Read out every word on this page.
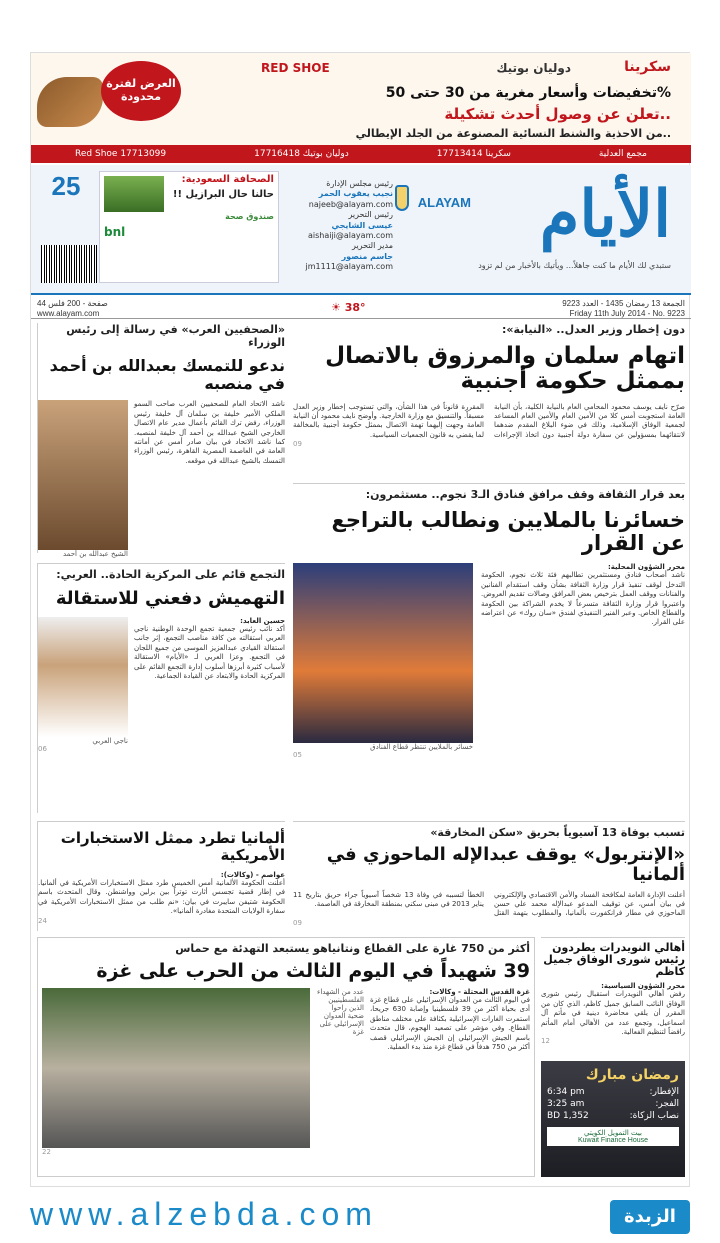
العرض لفترة محدودة
سكرينا
دوليان بوتيك
RED SHOE
تخفيضات وأسعار مغرية من 30 حتى 50%
تعلن عن وصول أحدث تشكيلة..
من الاحذية والشنط النسائية المصنوعة من الجلد الإيطالي..
مجمع العدلية
سكرينا 17713414
دوليان بوتيك 17716418
Red Shoe 17713099
الأيام
ALAYAM
ستبدي لك الأيام ما كنت جاهلاً... ويأتيك بالأخبار من لم تزود
رئيس مجلس الإدارة
نجيب يعقوب الحمر
najeeb@alayam.com
رئيس التحرير
عيسى الشايجي
aishaiji@alayam.com
مدير التحرير
جاسم منصور
jm1111@alayam.com
الصحافة السعودية:
حالنا حال البرازيل !!
صندوق صحة
bnl
25
الجمعة 13 رمضان 1435 - العدد 9223
Friday 11th July 2014 - No. 9223
☀ 38°
44 صفحة - 200 فلس
www.alayam.com
دون إخطار وزير العدل.. «النيابة»:
اتهام سلمان والمرزوق بالاتصال بممثل حكومة أجنبية
صرّح نايف يوسف محمود المحامي العام بالنيابة الكلية، بأن النيابة العامة استجوبت أمس كلا من الأمين العام والأمين العام المساعد لجمعية الوفاق الإسلامية، وذلك في ضوء البلاغ المقدم ضدهما لانتقائهما بمسؤولين عن سفارة دولة أجنبية دون اتخاذ الإجراءات المقررة قانوناً في هذا الشأن، والتي تستوجب إخطار وزير العدل مسبقاً. والتنسيق مع وزارة الخارجية. وأوضح نايف محمود أن النيابة العامة وجهت إليهما تهمة الاتصال بممثل حكومة أجنبية بالمخالفة لما يقضي به قانون الجمعيات السياسية.
09
«الصحفيين العرب» في رسالة إلى رئيس الوزراء
ندعو للتمسك بعبدالله بن أحمد في منصبه
ناشد الاتحاد العام للصحفيين العرب صاحب السمو الملكي الأمير خليفة بن سلمان آل خليفة رئيس الوزراء، رفض ترك القائم بأعمال مدير عام الاتصال الخارجي الشيخ عبدالله بن أحمد آل خليفة لمنصبه. كما ناشد الاتحاد في بيان صادر أمس عن أمانته العامة في العاصمة المصرية القاهرة، رئيس الوزراء التمسك بالشيخ عبدالله في موقعه.
الشيخ عبدالله بن أحمد
بعد قرار الثقافة وقف مرافق فنادق الـ3 نجوم.. مستثمرون:
خسائرنا بالملايين ونطالب بالتراجع عن القرار
محرر الشؤون المحلية:
ناشد أصحاب فنادق ومستثمرين تطالبهم فئة ثلاث نجوم، الحكومة التدخل لوقف تنفيذ قرار وزارة الثقافة بشأن وقف استقدام الفنانين والفنانات ووقف العمل بترخيص بعض المرافق وصالات تقديم العروض. واعتبروا قرار وزارة الثقافة متسرعاً لا يخدم الشراكة بين الحكومة والقطاع الخاص. وعبر الفنير التنفيذي لفندق «سان روك» عن اعتراضه على القرار.
خسائر بالملايين تنتظر قطاع الفنادق
05
التجمع قائم على المركزية الحادة.. العربي:
التهميش دفعني للاستقالة
حسين العابد:
أكد نائب رئيس جمعية تجمع الوحدة الوطنية ناجي العربي استقالته من كافة مناصب التجمع، إثر جانب استقالة القيادي عبدالعزيز الموسى من جميع اللجان في التجمع. وعزا العربي لـ «الأيام» الاستقالة لأسباب كثيرة أبرزها أسلوب إدارة التجمع القائم على المركزية الحادة والابتعاد عن القيادة الجماعية.
ناجي العربي
06
تسبب بوفاة 13 آسيوياً بحريق «سكن المخارقة»
«الإنتربول» يوقف عبدالإله الماحوزي في ألمانيا
أعلنت الإدارة العامة لمكافحة الفساد والأمن الاقتصادي والإلكتروني في بيان أمس، عن توقيف المدعو عبدالإله محمد علي حسن الماحوزي في مطار فرانكفورت بألمانيا، والمطلوب بتهمة القتل الخطأ لتسببه في وفاة 13 شخصاً آسيوياً جراء حريق بتاريخ 11 يناير 2013 في مبنى سكني بمنطقة المخارقة في العاصمة.
09
ألمانيا تطرد ممثل الاستخبارات الأمريكية
عواصم - (وكالات):
أعلنت الحكومة الألمانية أمس الخميس طرد ممثل الاستخبارات الأمريكية في ألمانيا. في إطار قضية تجسس أثارت توتراً بين برلين وواشنطن. وقال المتحدث باسم الحكومة شتيفن سايبرت في بيان: «نم طلب من ممثل الاستخبارات الأمريكية في سفارة الولايات المتحدة مغادرة ألمانيا».
24
أكثر من 750 غارة على القطاع ونتانياهو يستبعد التهدئة مع حماس
39 شهيداً في اليوم الثالث من الحرب على غزة
غزة القدس المحتلة - وكالات:
في اليوم الثالث من العدوان الإسرائيلي على قطاع غزة أدى بحياة أكثر من 39 فلسطينيا وإصابة 630 جريحا، استمرت الغارات الإسرائيلية بكثافة على مختلف مناطق القطاع. وفي مؤشر على تصعيد الهجوم، قال متحدث باسم الجيش الإسرائيلي إن الجيش الإسرائيلي قصف أكثر من 750 هدفاً في قطاع غزة منذ بدء العملية.
عدد من الشهداء الفلسطينيين الذين راحوا ضحية العدوان الإسرائيلي على غزة
22
أهالي النويدرات يطردون رئيس شورى الوفاق جميل كاظم
محرر الشؤون السياسية:
رفض أهالي النويدرات استقبال رئيس شورى الوفاق النائب السابق جميل كاظم، الذي كان من المقرر أن يلقي محاضرة دينية في مأتم آل اسماعيل، وتجمع عدد من الأهالي أمام المأتم رافضاً لتنظيم الفعالية.
12
رمضان مبارك
الإفطار:
6:34 pm
الفجر:
3:25 am
نصاب الزكاة:
BD 1,352
بيت التمويل الكويتي
Kuwait Finance House
www.alzebda.com	الزبدة
